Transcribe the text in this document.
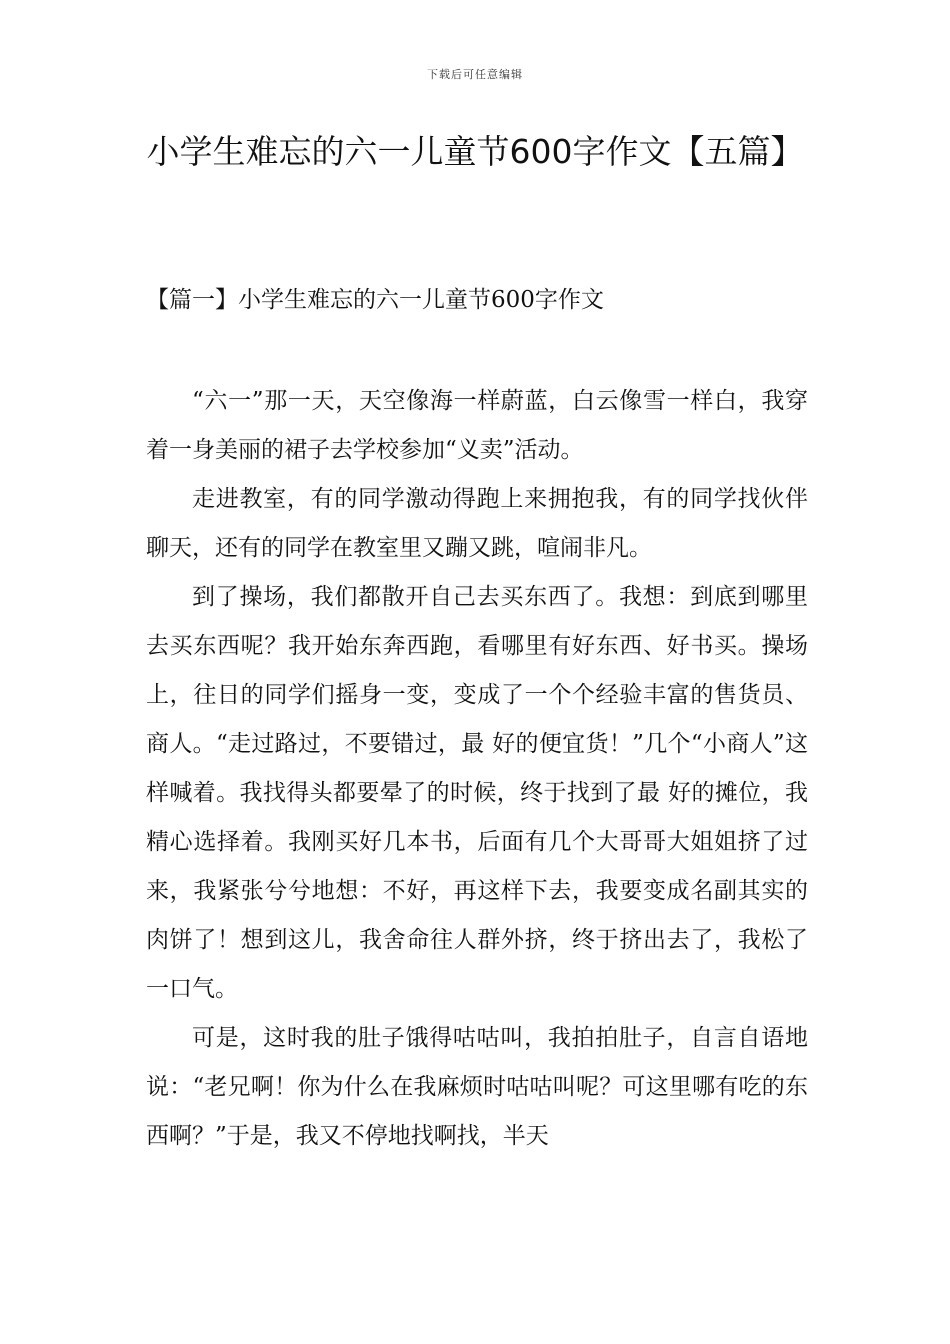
下载后可任意编辑
小学生难忘的六一儿童节600字作文【五篇】
【篇一】小学生难忘的六一儿童节600字作文

“六一”那一天，天空像海一样蔚蓝，白云像雪一样白，我穿着一身美丽的裙子去学校参加“义卖”活动。

走进教室，有的同学激动得跑上来拥抱我，有的同学找伙伴聊天，还有的同学在教室里又蹦又跳，喧闹非凡。

到了操场，我们都散开自己去买东西了。我想：到底到哪里去买东西呢？我开始东奔西跑，看哪里有好东西、好书买。操场上，往日的同学们摇身一变，变成了一个个经验丰富的售货员、商人。“走过路过，不要错过，最 好的便宜货！”几个“小商人”这样喊着。我找得头都要晕了的时候，终于找到了最 好的摊位，我精心选择着。我刚买好几本书，后面有几个大哥哥大姐姐挤了过来，我紧张兮兮地想：不好，再这样下去，我要变成名副其实的肉饼了！想到这儿，我舍命往人群外挤，终于挤出去了，我松了一口气。

可是，这时我的肚子饿得咕咕叫，我拍拍肚子，自言自语地说：“老兄啊！你为什么在我麻烦时咕咕叫呢？可这里哪有吃的东西啊？”于是，我又不停地找啊找，半天
